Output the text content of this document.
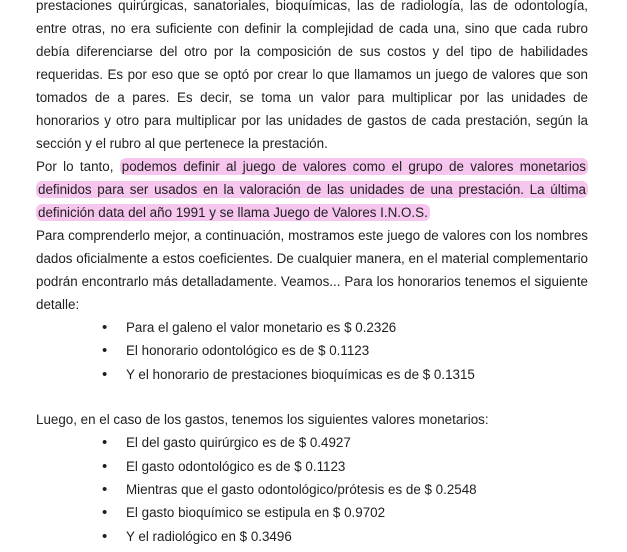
prestaciones quirúrgicas, sanatoriales, bioquímicas, las de radiología, las de odontología, entre otras, no era suficiente con definir la complejidad de cada una, sino que cada rubro debía diferenciarse del otro por la composición de sus costos y del tipo de habilidades requeridas. Es por eso que se optó por crear lo que llamamos un juego de valores que son tomados de a pares. Es decir, se toma un valor para multiplicar por las unidades de honorarios y otro para multiplicar por las unidades de gastos de cada prestación, según la sección y el rubro al que pertenece la prestación.

Por lo tanto, podemos definir al juego de valores como el grupo de valores monetarios definidos para ser usados en la valoración de las unidades de una prestación. La última definición data del año 1991 y se llama Juego de Valores I.N.O.S.

Para comprenderlo mejor, a continuación, mostramos este juego de valores con los nombres dados oficialmente a estos coeficientes. De cualquier manera, en el material complementario podrán encontrarlo más detalladamente. Veamos... Para los honorarios tenemos el siguiente detalle:

• Para el galeno el valor monetario es $ 0.2326
• El honorario odontológico es de $ 0.1123
• Y el honorario de prestaciones bioquímicas es de $ 0.1315

Luego, en el caso de los gastos, tenemos los siguientes valores monetarios:

• El del gasto quirúrgico es de $ 0.4927
• El gasto odontológico es de $ 0.1123
• Mientras que el gasto odontológico/prótesis es de $ 0.2548
• El gasto bioquímico se estipula en $ 0.9702
• Y el radiológico en $ 0.3496
